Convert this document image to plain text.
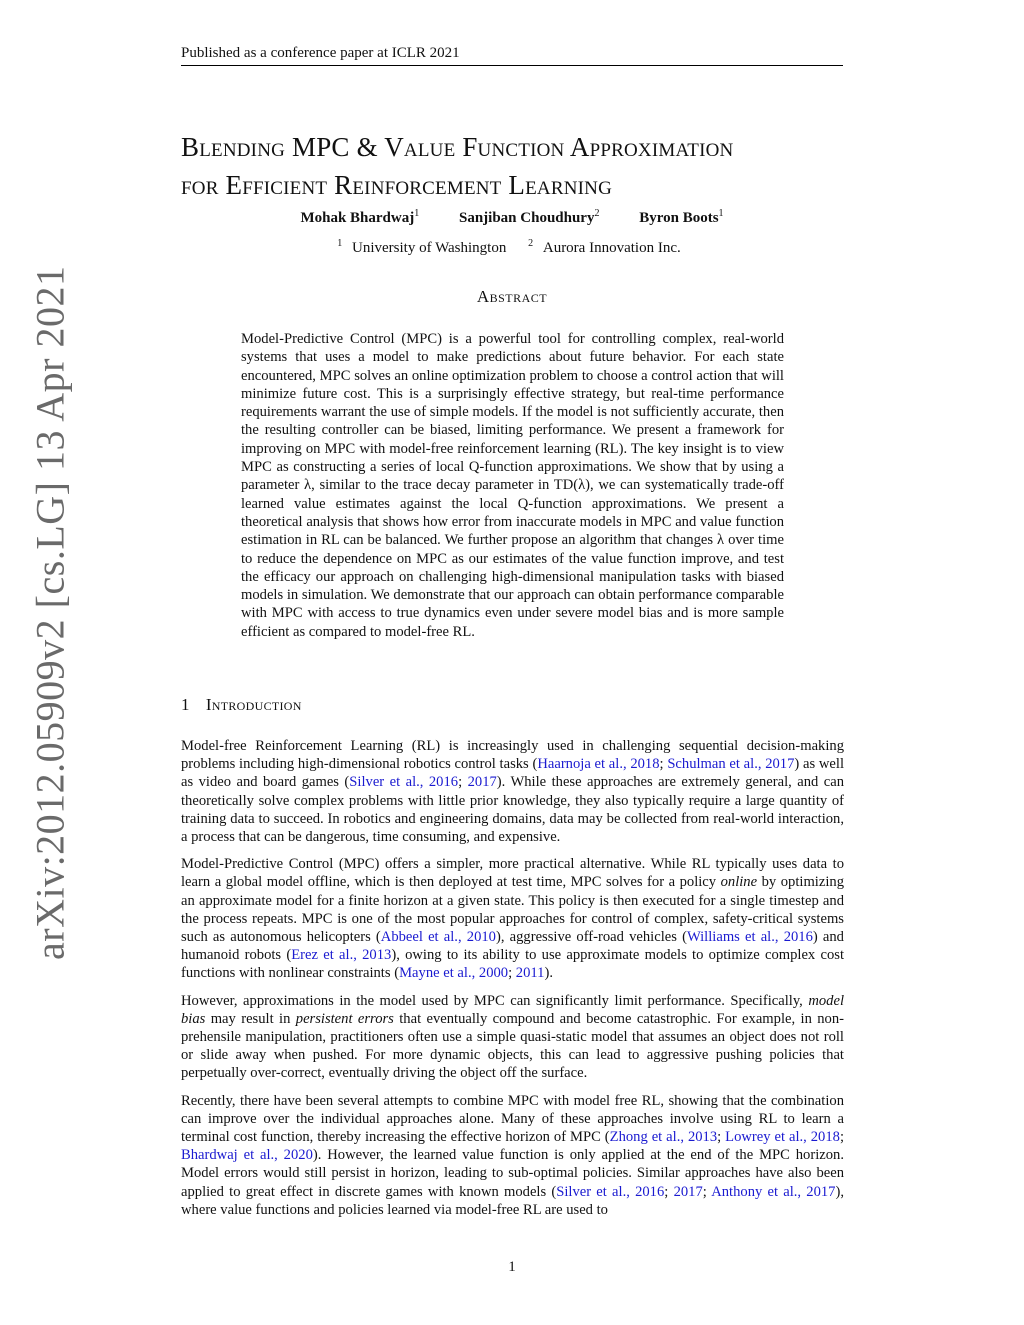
Published as a conference paper at ICLR 2021
arXiv:2012.05909v2 [cs.LG] 13 Apr 2021
Blending MPC & Value Function Approximation
for Efficient Reinforcement Learning
Mohak Bhardwaj$^1$	Sanjiban Choudhury$^2$	Byron Boots$^1$
$^1$ University of Washington $^2$ Aurora Innovation Inc.
Abstract
Model-Predictive Control (MPC) is a powerful tool for controlling complex, real-world systems that uses a model to make predictions about future behavior. For each state encountered, MPC solves an online optimization problem to choose a control action that will minimize future cost. This is a surprisingly effective strategy, but real-time performance requirements warrant the use of simple models. If the model is not sufficiently accurate, then the resulting controller can be biased, limiting performance. We present a framework for improving on MPC with model-free reinforcement learning (RL). The key insight is to view MPC as constructing a series of local Q-function approximations. We show that by using a parameter λ, similar to the trace decay parameter in TD(λ), we can systematically trade-off learned value estimates against the local Q-function approximations. We present a theoretical analysis that shows how error from inaccurate models in MPC and value function estimation in RL can be balanced. We further propose an algorithm that changes λ over time to reduce the dependence on MPC as our estimates of the value function improve, and test the efficacy our approach on challenging high-dimensional manipulation tasks with biased models in simulation. We demonstrate that our approach can obtain performance comparable with MPC with access to true dynamics even under severe model bias and is more sample efficient as compared to model-free RL.
1 Introduction

Model-free Reinforcement Learning (RL) is increasingly used in challenging sequential decision-making problems including high-dimensional robotics control tasks (Haarnoja et al., 2018; Schulman et al., 2017) as well as video and board games (Silver et al., 2016; 2017). While these approaches are extremely general, and can theoretically solve complex problems with little prior knowledge, they also typically require a large quantity of training data to succeed. In robotics and engineering domains, data may be collected from real-world interaction, a process that can be dangerous, time consuming, and expensive.

Model-Predictive Control (MPC) offers a simpler, more practical alternative. While RL typically uses data to learn a global model offline, which is then deployed at test time, MPC solves for a policy online by optimizing an approximate model for a finite horizon at a given state. This policy is then executed for a single timestep and the process repeats. MPC is one of the most popular approaches for control of complex, safety-critical systems such as autonomous helicopters (Abbeel et al., 2010), aggressive off-road vehicles (Williams et al., 2016) and humanoid robots (Erez et al., 2013), owing to its ability to use approximate models to optimize complex cost functions with nonlinear constraints (Mayne et al., 2000; 2011).

However, approximations in the model used by MPC can significantly limit performance. Specifically, model bias may result in persistent errors that eventually compound and become catastrophic. For example, in non-prehensile manipulation, practitioners often use a simple quasi-static model that assumes an object does not roll or slide away when pushed. For more dynamic objects, this can lead to aggressive pushing policies that perpetually over-correct, eventually driving the object off the surface.

Recently, there have been several attempts to combine MPC with model free RL, showing that the combination can improve over the individual approaches alone. Many of these approaches involve using RL to learn a terminal cost function, thereby increasing the effective horizon of MPC (Zhong et al., 2013; Lowrey et al., 2018; Bhardwaj et al., 2020). However, the learned value function is only applied at the end of the MPC horizon. Model errors would still persist in horizon, leading to sub-optimal policies. Similar approaches have also been applied to great effect in discrete games with known models (Silver et al., 2016; 2017; Anthony et al., 2017), where value functions and policies learned via model-free RL are used to

1
